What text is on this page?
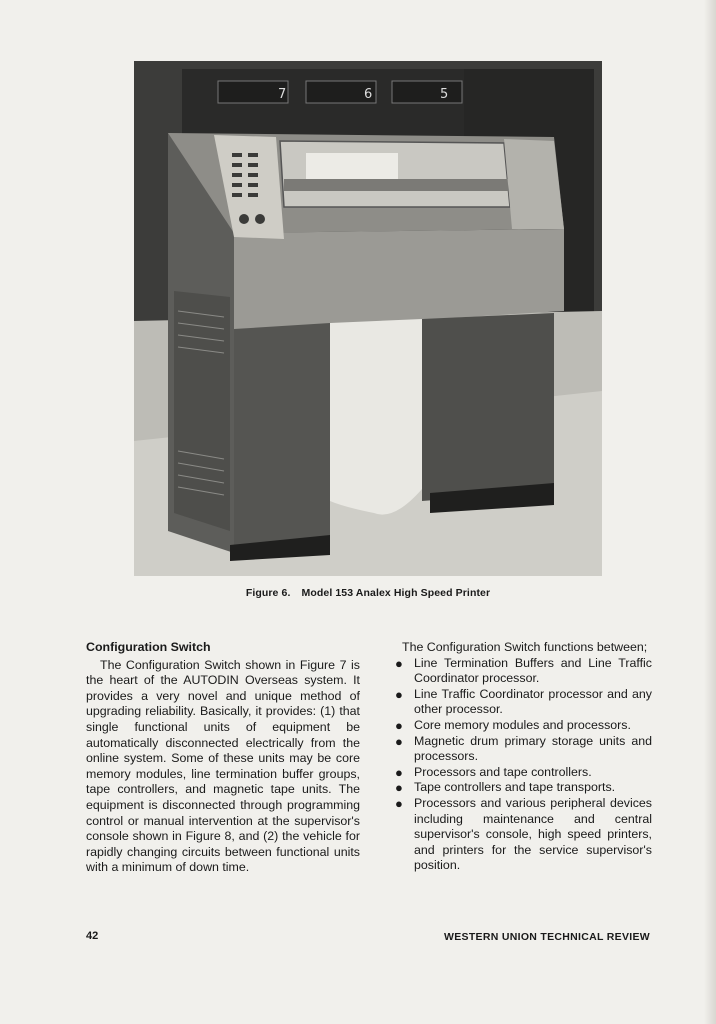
7	6	5
Figure 6. Model 153 Analex High Speed Printer

Configuration Switch

The Configuration Switch shown in Figure 7 is the heart of the AUTODIN Overseas system. It provides a very novel and unique method of upgrading reliability. Basically, it provides: (1) that single functional units of equipment be automatically disconnected electrically from the online system. Some of these units may be core memory modules, line termination buffer groups, tape controllers, and magnetic tape units. The equipment is disconnected through programming control or manual intervention at the supervisor's console shown in Figure 8, and (2) the vehicle for rapidly changing circuits between functional units with a minimum of down time.

The Configuration Switch functions between;

● Line Termination Buffers and Line Traffic Coordinator processor.
● Line Traffic Coordinator processor and any other processor.
● Core memory modules and processors.
● Magnetic drum primary storage units and processors.
● Processors and tape controllers.
● Tape controllers and tape transports.
● Processors and various peripheral devices including maintenance and central supervisor's console, high speed printers, and printers for the service supervisor's position.
42	WESTERN UNION TECHNICAL REVIEW
